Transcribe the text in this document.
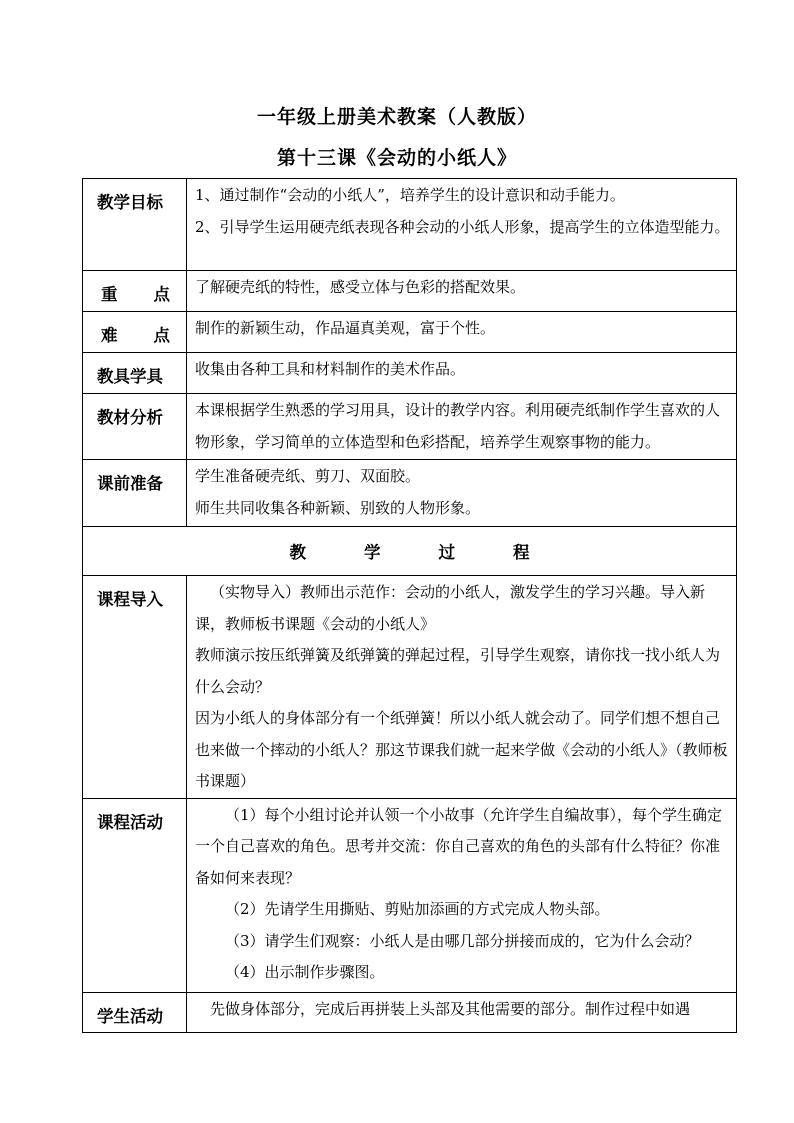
一年级上册美术教案（人教版）
第十三课《会动的小纸人》
教学目标	1、通过制作“会动的小纸人”，培养学生的设计意识和动手能力。

2、引导学生运用硬壳纸表现各种会动的小纸人形象，提高学生的立体造型能力。

重 点	了解硬壳纸的特性，感受立体与色彩的搭配效果。

难 点	制作的新颖生动，作品逼真美观，富于个性。

教具学具	收集由各种工具和材料制作的美术作品。

教材分析	本课根据学生熟悉的学习用具，设计的教学内容。利用硬壳纸制作学生喜欢的人物形象，学习简单的立体造型和色彩搭配，培养学生观察事物的能力。

课前准备	学生准备硬壳纸、剪刀、双面胶。

师生共同收集各种新颖、别致的人物形象。

教学过程	
课程导入	（实物导入）教师出示范作：会动的小纸人，激发学生的学习兴趣。导入新课，教师板书课题《会动的小纸人》

教师演示按压纸弹簧及纸弹簧的弹起过程，引导学生观察，请你找一找小纸人为什么会动？

因为小纸人的身体部分有一个纸弹簧！所以小纸人就会动了。同学们想不想自己也来做一个摔动的小纸人？那这节课我们就一起来学做《会动的小纸人》（教师板书课题）

课程活动	（1）每个小组讨论并认领一个小故事（允许学生自编故事），每个学生确定一个自己喜欢的角色。思考并交流：你自己喜欢的角色的头部有什么特征？你准备如何来表现？

（2）先请学生用撕贴、剪贴加添画的方式完成人物头部。

（3）请学生们观察：小纸人是由哪几部分拼接而成的，它为什么会动？

（4）出示制作步骤图。

学生活动	先做身体部分，完成后再拼装上头部及其他需要的部分。制作过程中如遇
